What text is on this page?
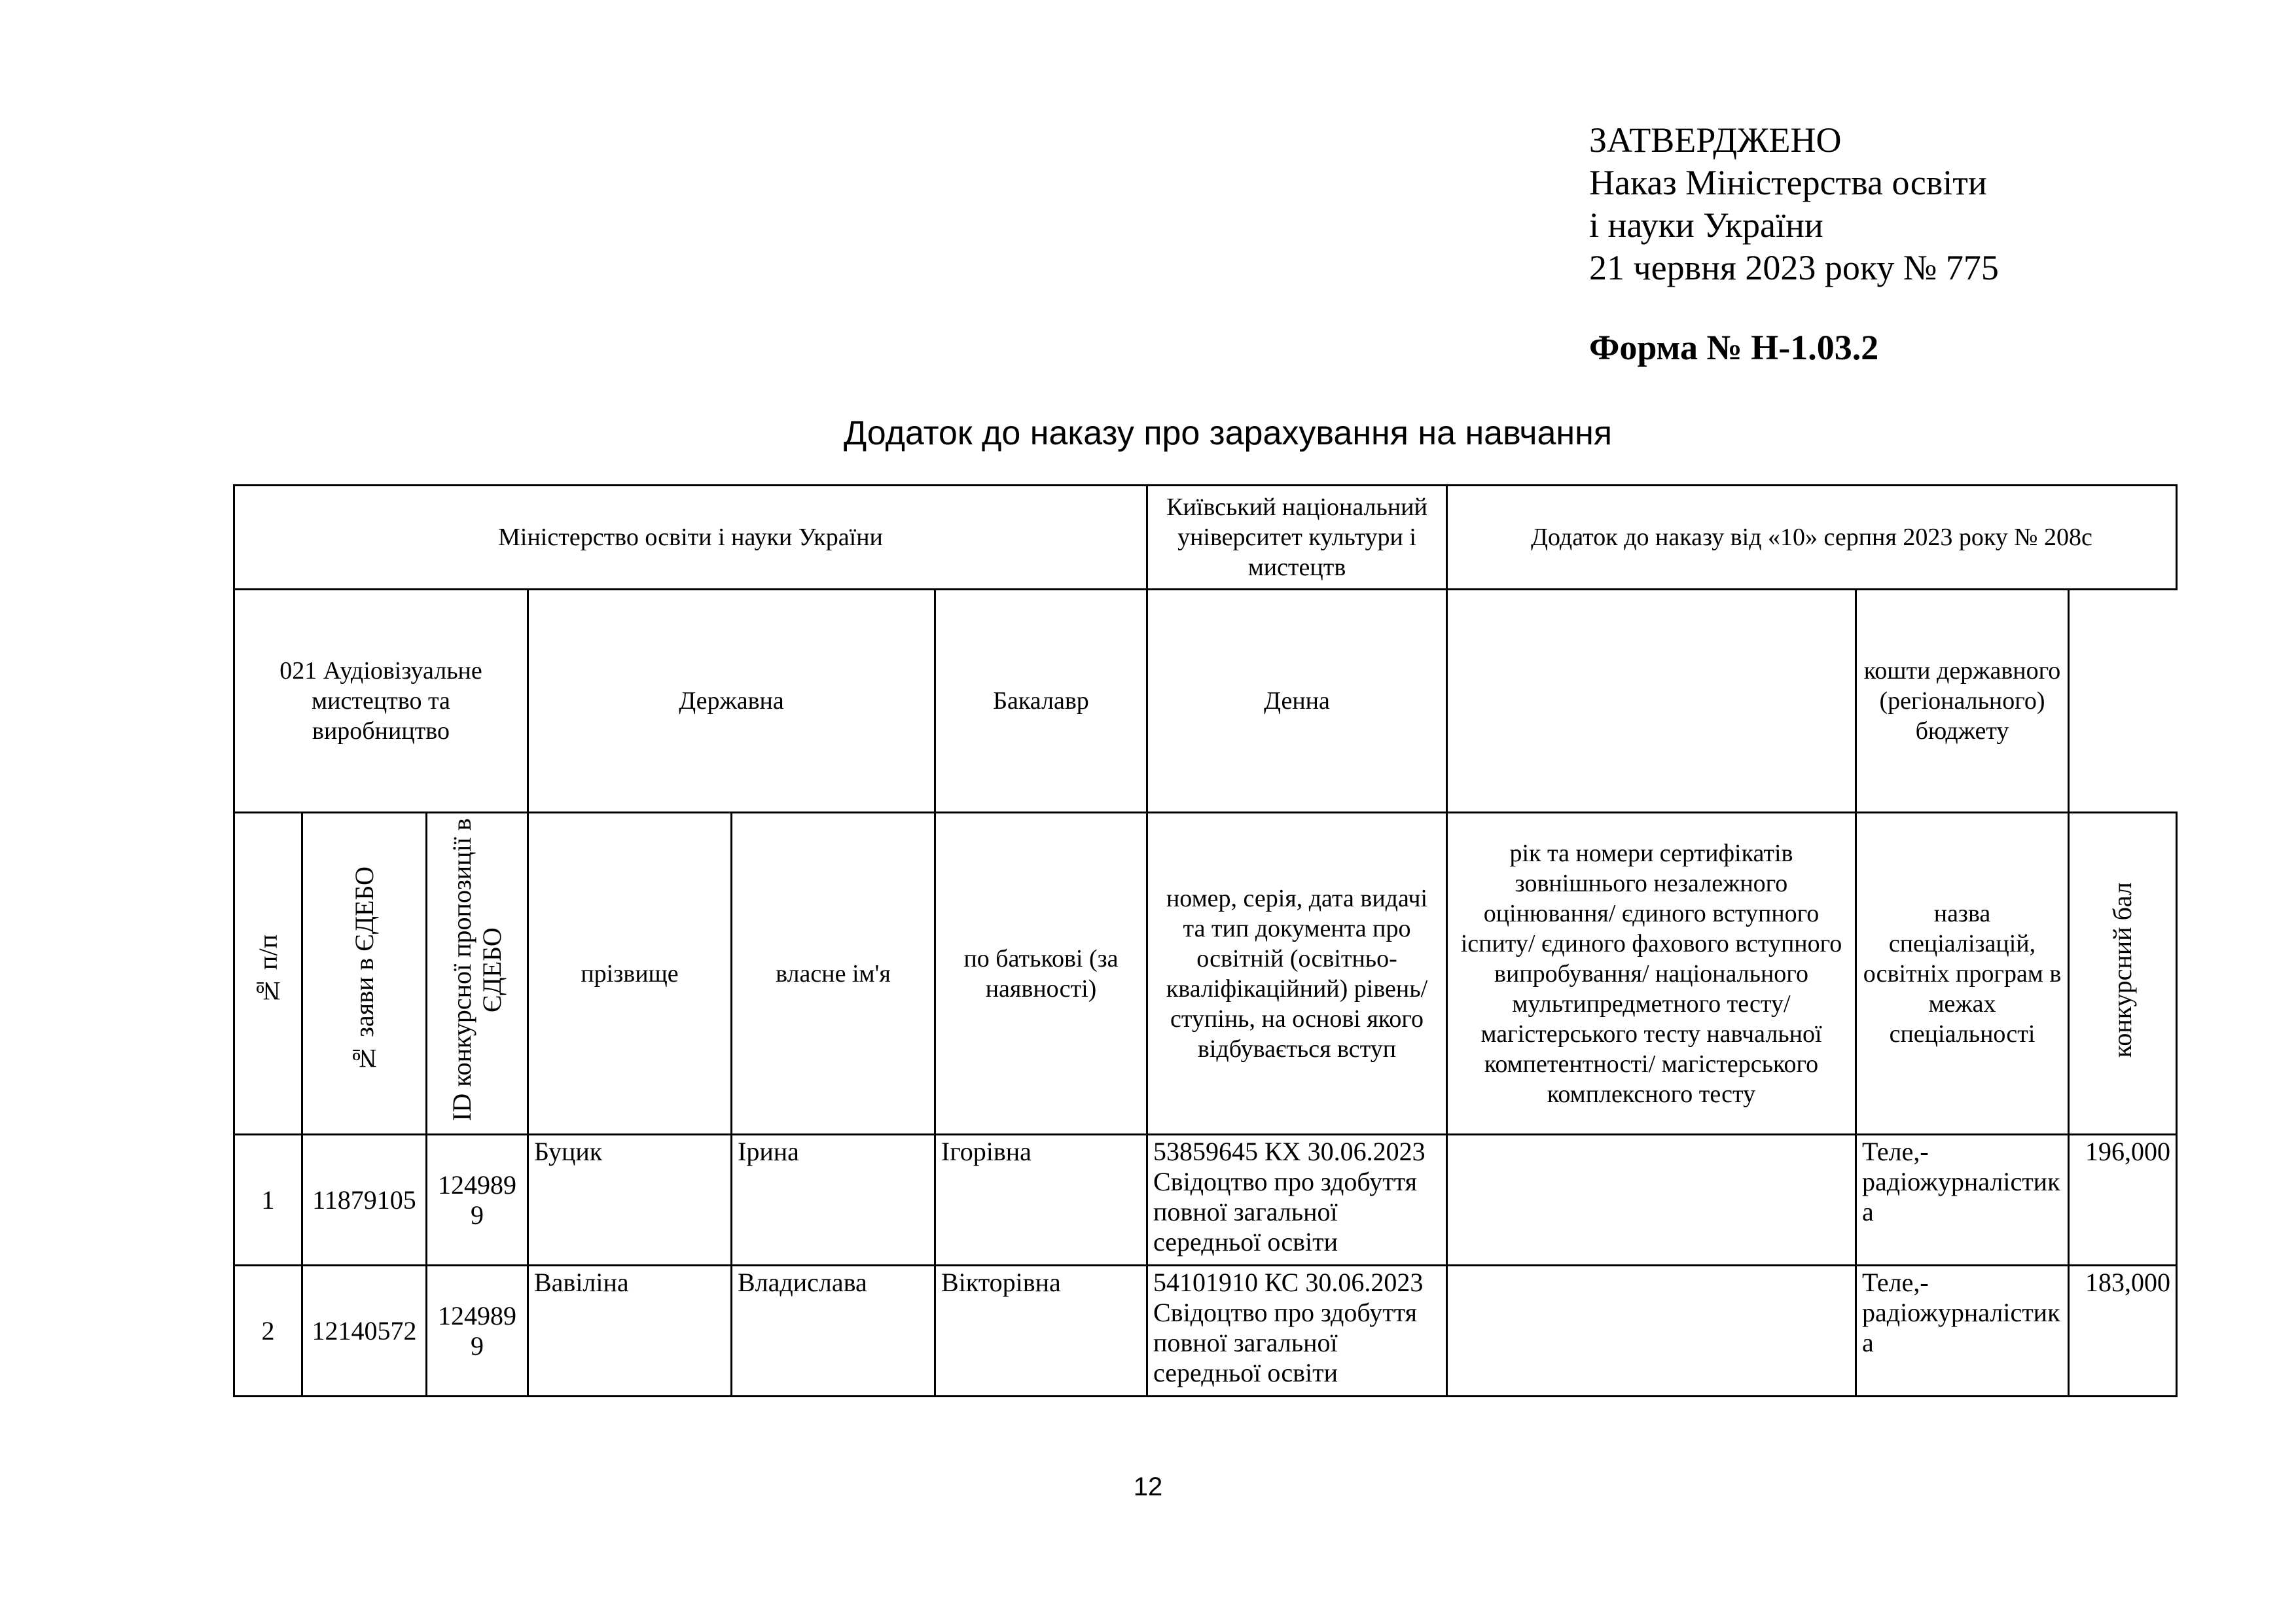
ЗАТВЕРДЖЕНО
Наказ Міністерства освіти
і науки України
21 червня 2023 року № 775
Форма № Н-1.03.2
Додаток до наказу про зарахування на навчання
Міністерство освіти і науки України						Київський національний університет культури і мистецтв	Додаток до наказу від «10» серпня 2023 року № 208с		
021 Аудіовізуальне мистецтво та виробництво			Державна		Бакалавр	Денна		кошти державного (регіонального) бюджету	
№ п/п	№ заяви в ЄДЕБО	ID конкурсної пропозиції в ЄДЕБО	прізвище	власне ім'я	по батькові (за наявності)	номер, серія, дата видачі та тип документа про освітній (освітньо-кваліфікаційний) рівень/ступінь, на основі якого відбувається вступ	рік та номери сертифікатів зовнішнього незалежного оцінювання/ єдиного вступного іспиту/ єдиного фахового вступного випробування/ національного мультипредметного тесту/ магістерського тесту навчальної компетентності/ магістерського комплексного тесту	назва спеціалізацій, освітніх програм в межах спеціальності	конкурсний бал
1	11879105	1249899	Буцик	Ірина	Ігорівна	53859645 КХ 30.06.2023 Свідоцтво про здобуття повної загальної середньої освіти		Теле,-радіожурналістика	196,000
2	12140572	1249899	Вавіліна	Владислава	Вікторівна	54101910 КС 30.06.2023 Свідоцтво про здобуття повної загальної середньої освіти		Теле,-радіожурналістика	183,000
12
